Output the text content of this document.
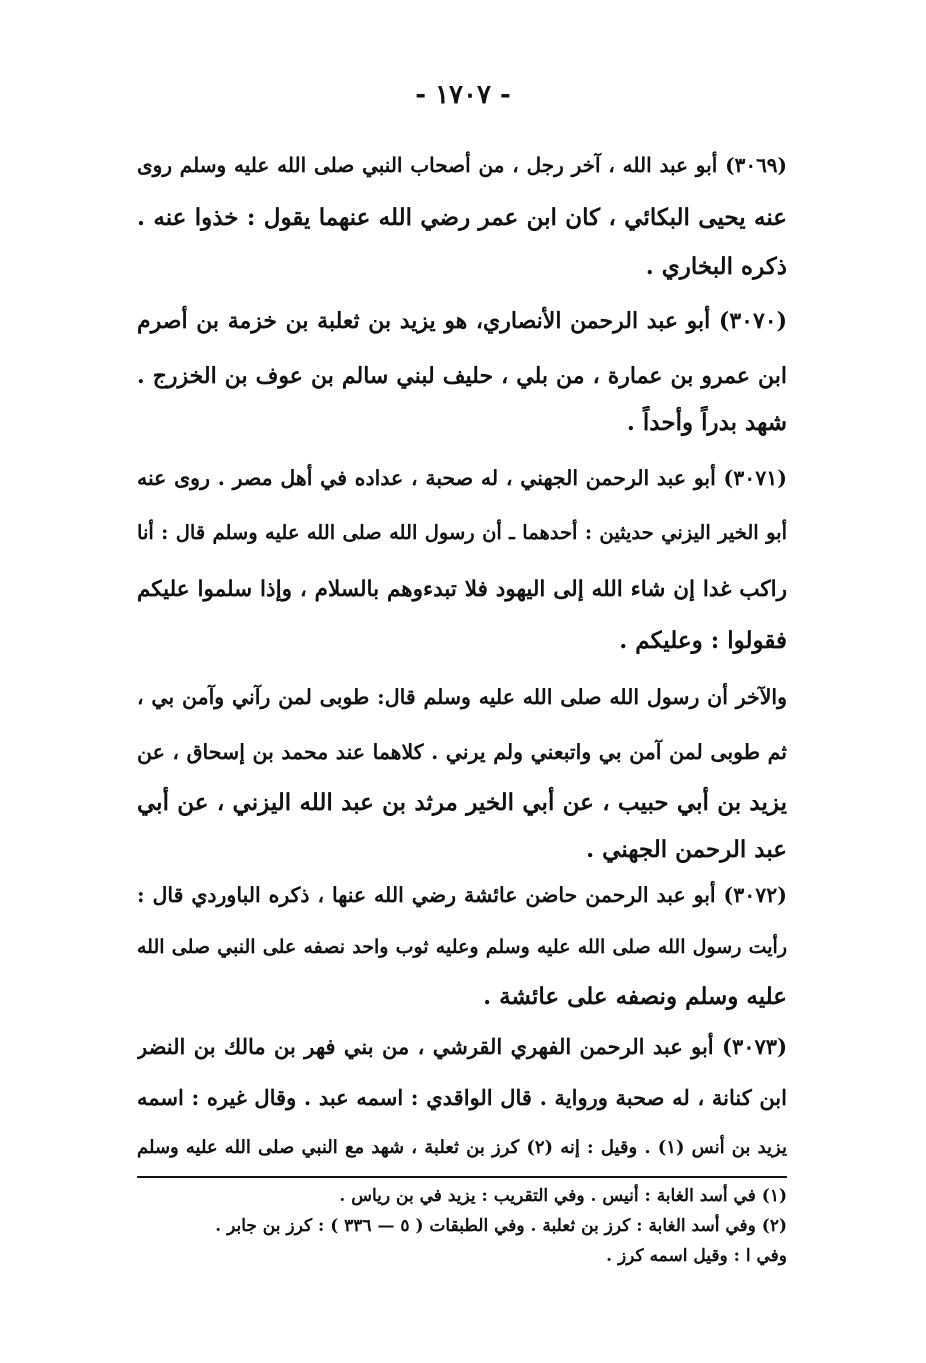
- ١٧٠٧ -
(٣٠٦٩) أبو عبد الله ، آخر رجل ، من أصحاب النبي صلى الله عليه وسلم روى
عنه يحيى البكائي ، كان ابن عمر رضي الله عنهما يقول : خذوا عنه .
ذكره البخاري .
(٣٠٧٠) أبو عبد الرحمن الأنصاري، هو يزيد بن ثعلبة بن خزمة بن أصرم
ابن عمرو بن عمارة ، من بلي ، حليف لبني سالم بن عوف بن الخزرج .
شهد بدراً وأحداً .
(٣٠٧١) أبو عبد الرحمن الجهني ، له صحبة ، عداده في أهل مصر . روى عنه
أبو الخير اليزني حديثين : أحدهما ـ أن رسول الله صلى الله عليه وسلم قال : أنا
راكب غدا إن شاء الله إلى اليهود فلا تبدءوهم بالسلام ، وإذا سلموا عليكم
فقولوا : وعليكم .
والآخر أن رسول الله صلى الله عليه وسلم قال: طوبى لمن رآني وآمن بي ،
ثم طوبى لمن آمن بي واتبعني ولم يرني . كلاهما عند محمد بن إسحاق ، عن
يزيد بن أبي حبيب ، عن أبي الخير مرثد بن عبد الله اليزني ، عن أبي
عبد الرحمن الجهني .
(٣٠٧٢) أبو عبد الرحمن حاضن عائشة رضي الله عنها ، ذكره الباوردي قال :
رأيت رسول الله صلى الله عليه وسلم وعليه ثوب واحد نصفه على النبي صلى الله
عليه وسلم ونصفه على عائشة .
(٣٠٧٣) أبو عبد الرحمن الفهري القرشي ، من بني فهر بن مالك بن النضر
ابن كنانة ، له صحبة ورواية . قال الواقدي : اسمه عبد . وقال غيره : اسمه
يزيد بن أنس (١) . وقيل : إنه (٢) كرز بن ثعلبة ، شهد مع النبي صلى الله عليه وسلم
(١) في أسد الغابة : أنيس . وفي التقريب : يزيد في بن رياس .
(٢) وفي أسد الغابة : كرز بن ثعلبة . وفي الطبقات ( ٥ — ٣٣٦ ) : كرز بن جابر .
وفي ا : وقيل اسمه كرز .
